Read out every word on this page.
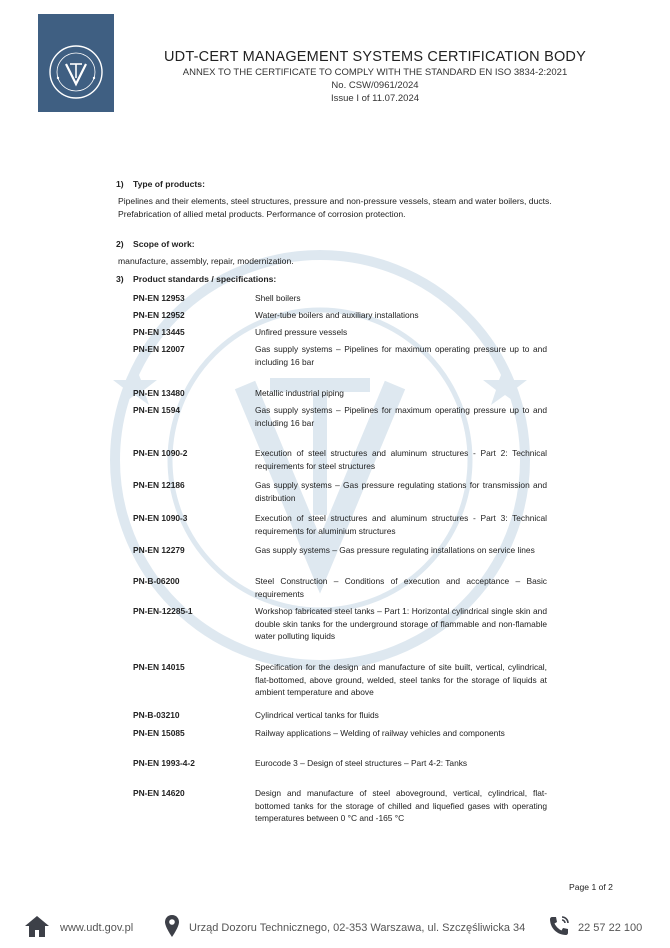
UDT-CERT MANAGEMENT SYSTEMS CERTIFICATION BODY
ANNEX TO THE CERTIFICATE TO COMPLY WITH THE STANDARD EN ISO 3834-2:2021
No. CSW/0961/2024
Issue I of 11.07.2024
1) Type of products:
Pipelines and their elements, steel structures, pressure and non-pressure vessels, steam and water boilers, ducts. Prefabrication of allied metal products. Performance of corrosion protection.
2) Scope of work:
manufacture, assembly, repair, modernization.
3) Product standards / specifications:
PN-EN 12953	Shell boilers
PN-EN 12952	Water-tube boilers and auxiliary installations
PN-EN 13445	Unfired pressure vessels
PN-EN 12007	Gas supply systems – Pipelines for maximum operating pressure up to and including 16 bar
PN-EN 13480	Metallic industrial piping
PN-EN 1594	Gas supply systems – Pipelines for maximum operating pressure up to and including 16 bar
PN-EN 1090-2	Execution of steel structures and aluminum structures - Part 2: Technical requirements for steel structures
PN-EN 12186	Gas supply systems – Gas pressure regulating stations for transmission and distribution
PN-EN 1090-3	Execution of steel structures and aluminum structures - Part 3: Technical requirements for aluminium structures
PN-EN 12279	Gas supply systems – Gas pressure regulating installations on service lines
PN-B-06200	Steel Construction – Conditions of execution and acceptance – Basic requirements
PN-EN-12285-1	Workshop fabricated steel tanks – Part 1: Horizontal cylindrical single skin and double skin tanks for the underground storage of flammable and non-flamable water polluting liquids
PN-EN 14015	Specification for the design and manufacture of site built, vertical, cylindrical, flat-bottomed, above ground, welded, steel tanks for the storage of liquids at ambient temperature and above
PN-B-03210	Cylindrical vertical tanks for fluids
PN-EN 15085	Railway applications – Welding of railway vehicles and components
PN-EN 1993-4-2	Eurocode 3 – Design of steel structures – Part 4-2: Tanks
PN-EN 14620	Design and manufacture of steel aboveground, vertical, cylindrical, flat-bottomed tanks for the storage of chilled and liquefied gases with operating temperatures between 0 °C and -165 °C
Page 1 of 2
www.udt.gov.pl	Urząd Dozoru Technicznego, 02-353 Warszawa, ul. Szczęśliwicka 34	22 57 22 100
